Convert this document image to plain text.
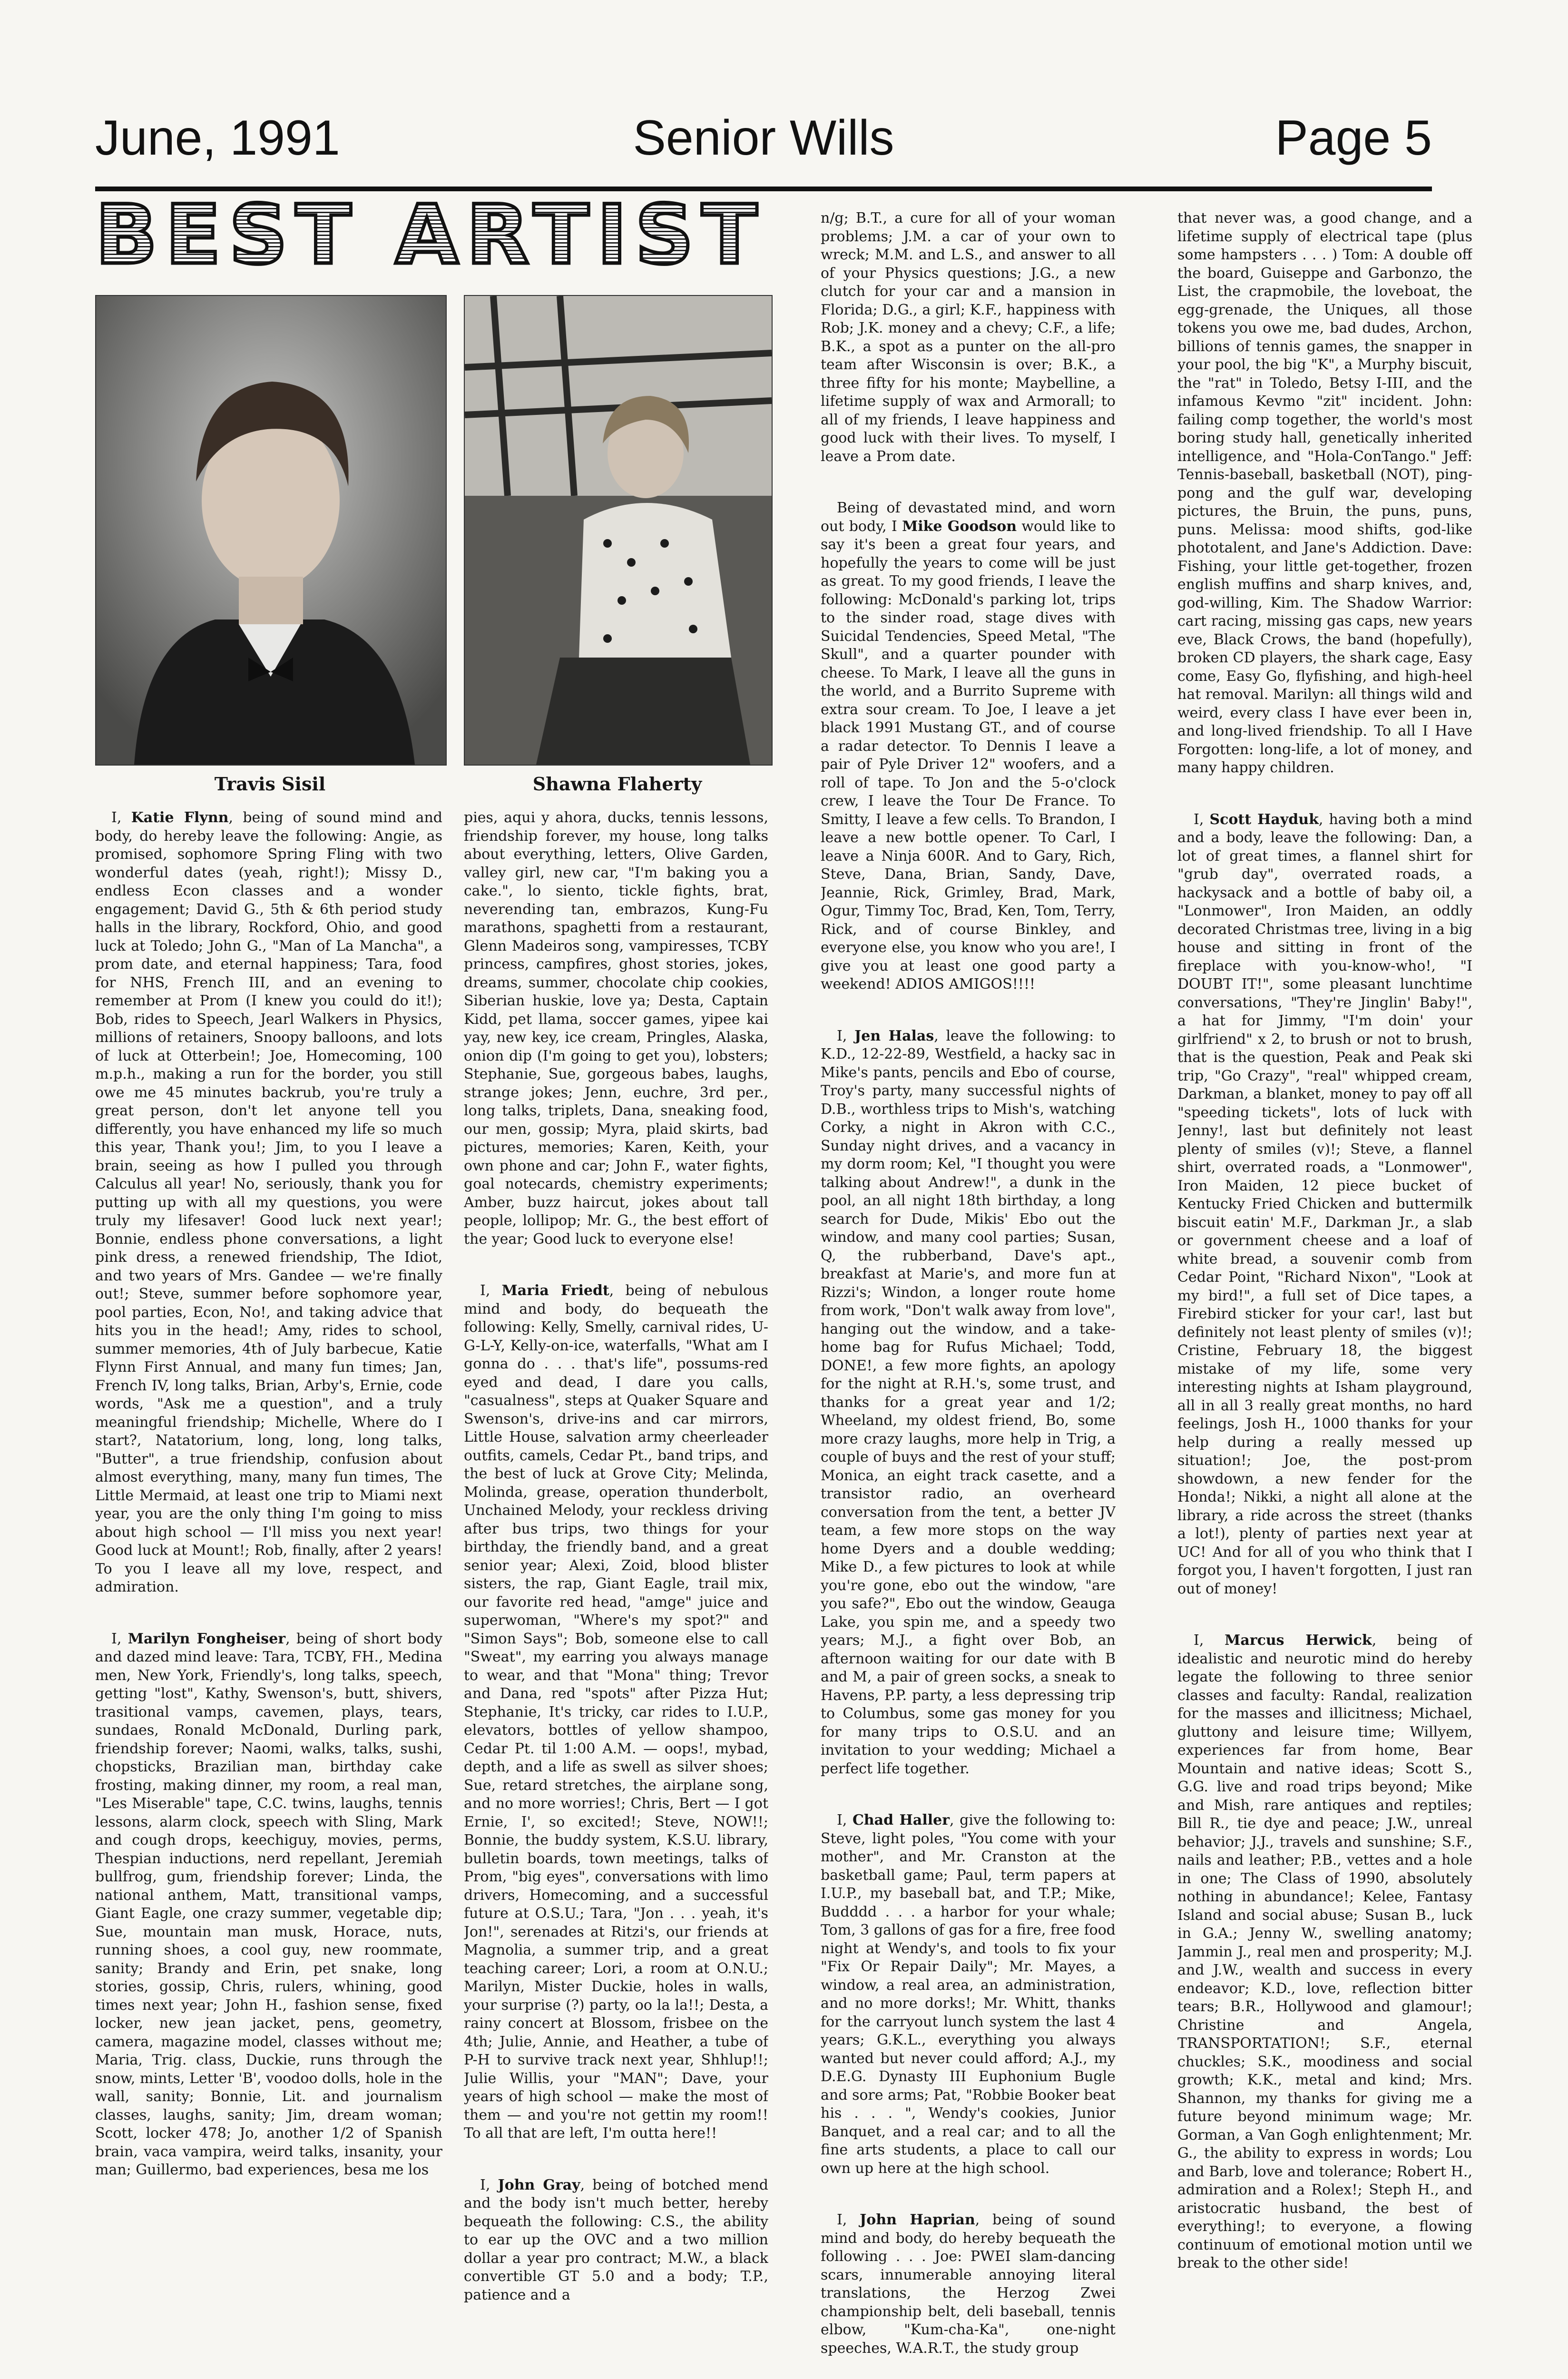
June, 1991	Senior Wills	Page 5
BEST ARTIST
Travis Sisil	Shawna Flaherty

I, Katie Flynn, being of sound mind and body, do hereby leave the following: Angie, as promised, sophomore Spring Fling with two wonderful dates (yeah, right!); Missy D., endless Econ classes and a wonder engagement; David G., 5th & 6th period study halls in the library, Rockford, Ohio, and good luck at Toledo; John G., "Man of La Mancha", a prom date, and eternal happiness; Tara, food for NHS, French III, and an evening to remember at Prom (I knew you could do it!); Bob, rides to Speech, Jearl Walkers in Physics, millions of retainers, Snoopy balloons, and lots of luck at Otterbein!; Joe, Homecoming, 100 m.p.h., making a run for the border, you still owe me 45 minutes backrub, you're truly a great person, don't let anyone tell you differently, you have enhanced my life so much this year, Thank you!; Jim, to you I leave a brain, seeing as how I pulled you through Calculus all year! No, seriously, thank you for putting up with all my questions, you were truly my lifesaver! Good luck next year!; Bonnie, endless phone conversations, a light pink dress, a renewed friendship, The Idiot, and two years of Mrs. Gandee — we're finally out!; Steve, summer before sophomore year, pool parties, Econ, No!, and taking advice that hits you in the head!; Amy, rides to school, summer memories, 4th of July barbecue, Katie Flynn First Annual, and many fun times; Jan, French IV, long talks, Brian, Arby's, Ernie, code words, "Ask me a question", and a truly meaningful friendship; Michelle, Where do I start?, Natatorium, long, long, long talks, "Butter", a true friendship, confusion about almost everything, many, many fun times, The Little Mermaid, at least one trip to Miami next year, you are the only thing I'm going to miss about high school — I'll miss you next year! Good luck at Mount!; Rob, finally, after 2 years! To you I leave all my love, respect, and admiration.

I, Marilyn Fongheiser, being of short body and dazed mind leave: Tara, TCBY, FH., Medina men, New York, Friendly's, long talks, speech, getting "lost", Kathy, Swenson's, butt, shivers, trasitional vamps, cavemen, plays, tears, sundaes, Ronald McDonald, Durling park, friendship forever; Naomi, walks, talks, sushi, chopsticks, Brazilian man, birthday cake frosting, making dinner, my room, a real man, "Les Miserable" tape, C.C. twins, laughs, tennis lessons, alarm clock, speech with Sling, Mark and cough drops, keechiguy, movies, perms, Thespian inductions, nerd repellant, Jeremiah bullfrog, gum, friendship forever; Linda, the national anthem, Matt, transitional vamps, Giant Eagle, one crazy summer, vegetable dip; Sue, mountain man musk, Horace, nuts, running shoes, a cool guy, new roommate, sanity; Brandy and Erin, pet snake, long stories, gossip, Chris, rulers, whining, good times next year; John H., fashion sense, fixed locker, new jean jacket, pens, geometry, camera, magazine model, classes without me; Maria, Trig. class, Duckie, runs through the snow, mints, Letter 'B', voodoo dolls, hole in the wall, sanity; Bonnie, Lit. and journalism classes, laughs, sanity; Jim, dream woman; Scott, locker 478; Jo, another 1/2 of Spanish brain, vaca vampira, weird talks, insanity, your man; Guillermo, bad experiences, besa me los

pies, aqui y ahora, ducks, tennis lessons, friendship forever, my house, long talks about everything, letters, Olive Garden, valley girl, new car, "I'm baking you a cake.", lo siento, tickle fights, brat, neverending tan, embrazos, Kung-Fu marathons, spaghetti from a restaurant, Glenn Madeiros song, vampiresses, TCBY princess, campfires, ghost stories, jokes, dreams, summer, chocolate chip cookies, Siberian huskie, love ya; Desta, Captain Kidd, pet llama, soccer games, yipee kai yay, new key, ice cream, Pringles, Alaska, onion dip (I'm going to get you), lobsters; Stephanie, Sue, gorgeous babes, laughs, strange jokes; Jenn, euchre, 3rd per., long talks, triplets, Dana, sneaking food, our men, gossip; Myra, plaid skirts, bad pictures, memories; Karen, Keith, your own phone and car; John F., water fights, goal notecards, chemistry experiments; Amber, buzz haircut, jokes about tall people, lollipop; Mr. G., the best effort of the year; Good luck to everyone else!

I, Maria Friedt, being of nebulous mind and body, do bequeath the following: Kelly, Smelly, carnival rides, U-G-L-Y, Kelly-on-ice, waterfalls, "What am I gonna do . . . that's life", possums-red eyed and dead, I dare you calls, "casualness", steps at Quaker Square and Swenson's, drive-ins and car mirrors, Little House, salvation army cheerleader outfits, camels, Cedar Pt., band trips, and the best of luck at Grove City; Melinda, Molinda, grease, operation thunderbolt, Unchained Melody, your reckless driving after bus trips, two things for your birthday, the friendly band, and a great senior year; Alexi, Zoid, blood blister sisters, the rap, Giant Eagle, trail mix, our favorite red head, "amge" juice and superwoman, "Where's my spot?" and "Simon Says"; Bob, someone else to call "Sweat", my earring you always manage to wear, and that "Mona" thing; Trevor and Dana, red "spots" after Pizza Hut; Stephanie, It's tricky, car rides to I.U.P., elevators, bottles of yellow shampoo, Cedar Pt. til 1:00 A.M. — oops!, mybad, depth, and a life as swell as silver shoes; Sue, retard stretches, the airplane song, and no more worries!; Chris, Bert — I got Ernie, I', so excited!; Steve, NOW!!; Bonnie, the buddy system, K.S.U. library, bulletin boards, town meetings, talks of Prom, "big eyes", conversations with limo drivers, Homecoming, and a successful future at O.S.U.; Tara, "Jon . . . yeah, it's Jon!", serenades at Ritzi's, our friends at Magnolia, a summer trip, and a great teaching career; Lori, a room at O.N.U.; Marilyn, Mister Duckie, holes in walls, your surprise (?) party, oo la la!!; Desta, a rainy concert at Blossom, frisbee on the 4th; Julie, Annie, and Heather, a tube of P-H to survive track next year, Shhlup!!; Julie Willis, your "MAN"; Dave, your years of high school — make the most of them — and you're not gettin my room!! To all that are left, I'm outta here!!

I, John Gray, being of botched mend and the body isn't much better, hereby bequeath the following: C.S., the ability to ear up the OVC and a two million dollar a year pro contract; M.W., a black convertible GT 5.0 and a body; T.P., patience and a

n/g; B.T., a cure for all of your woman problems; J.M. a car of your own to wreck; M.M. and L.S., and answer to all of your Physics questions; J.G., a new clutch for your car and a mansion in Florida; D.G., a girl; K.F., happiness with Rob; J.K. money and a chevy; C.F., a life; B.K., a spot as a punter on the all-pro team after Wisconsin is over; B.K., a three fifty for his monte; Maybelline, a lifetime supply of wax and Armorall; to all of my friends, I leave happiness and good luck with their lives. To myself, I leave a Prom date.

Being of devastated mind, and worn out body, I Mike Goodson would like to say it's been a great four years, and hopefully the years to come will be just as great. To my good friends, I leave the following: McDonald's parking lot, trips to the sinder road, stage dives with Suicidal Tendencies, Speed Metal, "The Skull", and a quarter pounder with cheese. To Mark, I leave all the guns in the world, and a Burrito Supreme with extra sour cream. To Joe, I leave a jet black 1991 Mustang GT., and of course a radar detector. To Dennis I leave a pair of Pyle Driver 12" woofers, and a roll of tape. To Jon and the 5-o'clock crew, I leave the Tour De France. To Smitty, I leave a few cells. To Brandon, I leave a new bottle opener. To Carl, I leave a Ninja 600R. And to Gary, Rich, Steve, Dana, Brian, Sandy, Dave, Jeannie, Rick, Grimley, Brad, Mark, Ogur, Timmy Toc, Brad, Ken, Tom, Terry, Rick, and of course Binkley, and everyone else, you know who you are!, I give you at least one good party a weekend! ADIOS AMIGOS!!!!

I, Jen Halas, leave the following: to K.D., 12-22-89, Westfield, a hacky sac in Mike's pants, pencils and Ebo of course, Troy's party, many successful nights of D.B., worthless trips to Mish's, watching Corky, a night in Akron with C.C., Sunday night drives, and a vacancy in my dorm room; Kel, "I thought you were talking about Andrew!", a dunk in the pool, an all night 18th birthday, a long search for Dude, Mikis' Ebo out the window, and many cool parties; Susan, Q, the rubberband, Dave's apt., breakfast at Marie's, and more fun at Rizzi's; Windon, a longer route home from work, "Don't walk away from love", hanging out the window, and a take-home bag for Rufus Michael; Todd, DONE!, a few more fights, an apology for the night at R.H.'s, some trust, and thanks for a great year and 1/2; Wheeland, my oldest friend, Bo, some more crazy laughs, more help in Trig, a couple of buys and the rest of your stuff; Monica, an eight track casette, and a transistor radio, an overheard conversation from the tent, a better JV team, a few more stops on the way home Dyers and a double wedding; Mike D., a few pictures to look at while you're gone, ebo out the window, "are you safe?", Ebo out the window, Geauga Lake, you spin me, and a speedy two years; M.J., a fight over Bob, an afternoon waiting for our date with B and M, a pair of green socks, a sneak to Havens, P.P. party, a less depressing trip to Columbus, some gas money for you for many trips to O.S.U. and an invitation to your wedding; Michael a perfect life together.

I, Chad Haller, give the following to: Steve, light poles, "You come with your mother", and Mr. Cranston at the basketball game; Paul, term papers at I.U.P., my baseball bat, and T.P.; Mike, Budddd . . . a harbor for your whale; Tom, 3 gallons of gas for a fire, free food night at Wendy's, and tools to fix your "Fix Or Repair Daily"; Mr. Mayes, a window, a real area, an administration, and no more dorks!; Mr. Whitt, thanks for the carryout lunch system the last 4 years; G.K.L., everything you always wanted but never could afford; A.J., my D.E.G. Dynasty III Euphonium Bugle and sore arms; Pat, "Robbie Booker beat his . . . ", Wendy's cookies, Junior Banquet, and a real car; and to all the fine arts students, a place to call our own up here at the high school.

I, John Haprian, being of sound mind and body, do hereby bequeath the following . . . Joe: PWEI slam-dancing scars, innumerable annoying literal translations, the Herzog Zwei championship belt, deli baseball, tennis elbow, "Kum-cha-Ka", one-night speeches, W.A.R.T., the study group

that never was, a good change, and a lifetime supply of electrical tape (plus some hampsters . . . ) Tom: A double off the board, Guiseppe and Garbonzo, the List, the crapmobile, the loveboat, the egg-grenade, the Uniques, all those tokens you owe me, bad dudes, Archon, billions of tennis games, the snapper in your pool, the big "K", a Murphy biscuit, the "rat" in Toledo, Betsy I-III, and the infamous Kevmo "zit" incident. John: failing comp together, the world's most boring study hall, genetically inherited intelligence, and "Hola-ConTango." Jeff: Tennis-baseball, basketball (NOT), ping-pong and the gulf war, developing pictures, the Bruin, the puns, puns, puns. Melissa: mood shifts, god-like phototalent, and Jane's Addiction. Dave: Fishing, your little get-together, frozen english muffins and sharp knives, and, god-willing, Kim. The Shadow Warrior: cart racing, missing gas caps, new years eve, Black Crows, the band (hopefully), broken CD players, the shark cage, Easy come, Easy Go, flyfishing, and high-heel hat removal. Marilyn: all things wild and weird, every class I have ever been in, and long-lived friendship. To all I Have Forgotten: long-life, a lot of money, and many happy children.

I, Scott Hayduk, having both a mind and a body, leave the following: Dan, a lot of great times, a flannel shirt for "grub day", overrated roads, a hackysack and a bottle of baby oil, a "Lonmower", Iron Maiden, an oddly decorated Christmas tree, living in a big house and sitting in front of the fireplace with you-know-who!, "I DOUBT IT!", some pleasant lunchtime conversations, "They're Jinglin' Baby!", a hat for Jimmy, "I'm doin' your girlfriend" x 2, to brush or not to brush, that is the question, Peak and Peak ski trip, "Go Crazy", "real" whipped cream, Darkman, a blanket, money to pay off all "speeding tickets", lots of luck with Jenny!, last but definitely not least plenty of smiles (v)!; Steve, a flannel shirt, overrated roads, a "Lonmower", Iron Maiden, 12 piece bucket of Kentucky Fried Chicken and buttermilk biscuit eatin' M.F., Darkman Jr., a slab or government cheese and a loaf of white bread, a souvenir comb from Cedar Point, "Richard Nixon", "Look at my bird!", a full set of Dice tapes, a Firebird sticker for your car!, last but definitely not least plenty of smiles (v)!; Cristine, February 18, the biggest mistake of my life, some very interesting nights at Isham playground, all in all 3 really great months, no hard feelings, Josh H., 1000 thanks for your help during a really messed up situation!; Joe, the post-prom showdown, a new fender for the Honda!; Nikki, a night all alone at the library, a ride across the street (thanks a lot!), plenty of parties next year at UC! And for all of you who think that I forgot you, I haven't forgotten, I just ran out of money!

I, Marcus Herwick, being of idealistic and neurotic mind do hereby legate the following to three senior classes and faculty: Randal, realization for the masses and illicitness; Michael, gluttony and leisure time; Willyem, experiences far from home, Bear Mountain and native ideas; Scott S., G.G. live and road trips beyond; Mike and Mish, rare antiques and reptiles; Bill R., tie dye and peace; J.W., unreal behavior; J.J., travels and sunshine; S.F., nails and leather; P.B., vettes and a hole in one; The Class of 1990, absolutely nothing in abundance!; Kelee, Fantasy Island and social abuse; Susan B., luck in G.A.; Jenny W., swelling anatomy; Jammin J., real men and prosperity; M.J. and J.W., wealth and success in every endeavor; K.D., love, reflection bitter tears; B.R., Hollywood and glamour!; Christine and Angela, TRANSPORTATION!; S.F., eternal chuckles; S.K., moodiness and social growth; K.K., metal and kind; Mrs. Shannon, my thanks for giving me a future beyond minimum wage; Mr. Gorman, a Van Gogh enlightenment; Mr. G., the ability to express in words; Lou and Barb, love and tolerance; Robert H., admiration and a Rolex!; Steph H., and aristocratic husband, the best of everything!; to everyone, a flowing continuum of emotional motion until we break to the other side!
